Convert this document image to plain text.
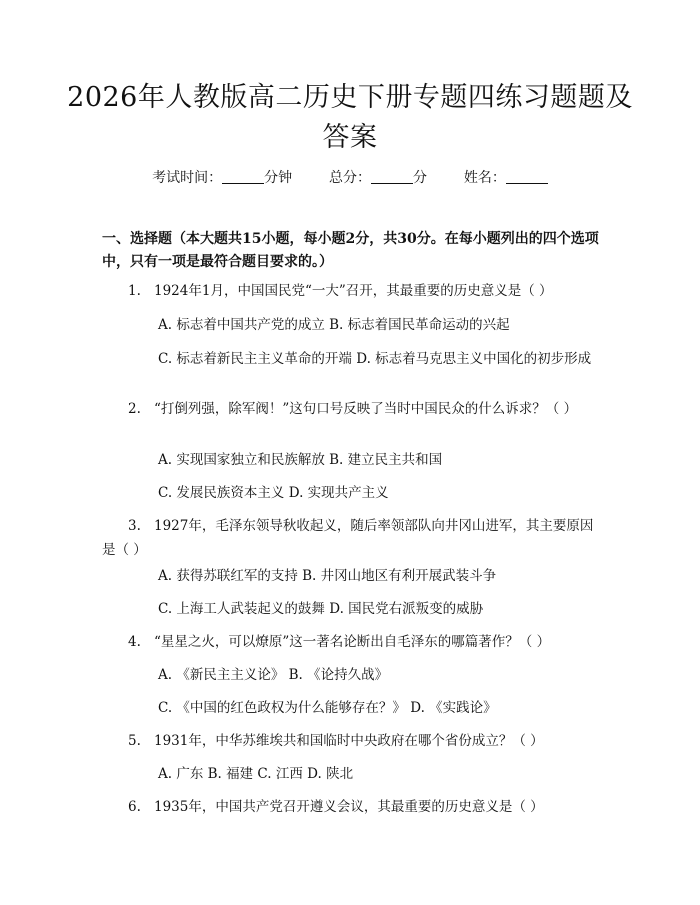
2026年人教版高二历史下册专题四练习题题及答案
考试时间：	分钟	总分：	分	姓名：
一、选择题（本大题共15小题，每小题2分，共30分。在每小题列出的四个选项中，只有一项是最符合题目要求的。）
1. 1924年1月，中国国民党“一大”召开，其最重要的历史意义是（ ）
A. 标志着中国共产党的成立 B. 标志着国民革命运动的兴起
C. 标志着新民主主义革命的开端 D. 标志着马克思主义中国化的初步形成
2. “打倒列强，除军阀！”这句口号反映了当时中国民众的什么诉求？（ ）
A. 实现国家独立和民族解放 B. 建立民主共和国
C. 发展民族资本主义 D. 实现共产主义
3. 1927年，毛泽东领导秋收起义，随后率领部队向井冈山进军，其主要原因是（ ）
A. 获得苏联红军的支持 B. 井冈山地区有利开展武装斗争
C. 上海工人武装起义的鼓舞 D. 国民党右派叛变的威胁
4. “星星之火，可以燎原”这一著名论断出自毛泽东的哪篇著作？（ ）
A. 《新民主主义论》 B. 《论持久战》
C. 《中国的红色政权为什么能够存在？》 D. 《实践论》
5. 1931年，中华苏维埃共和国临时中央政府在哪个省份成立？（ ）
A. 广东 B. 福建 C. 江西 D. 陕北
6. 1935年，中国共产党召开遵义会议，其最重要的历史意义是（ ）
